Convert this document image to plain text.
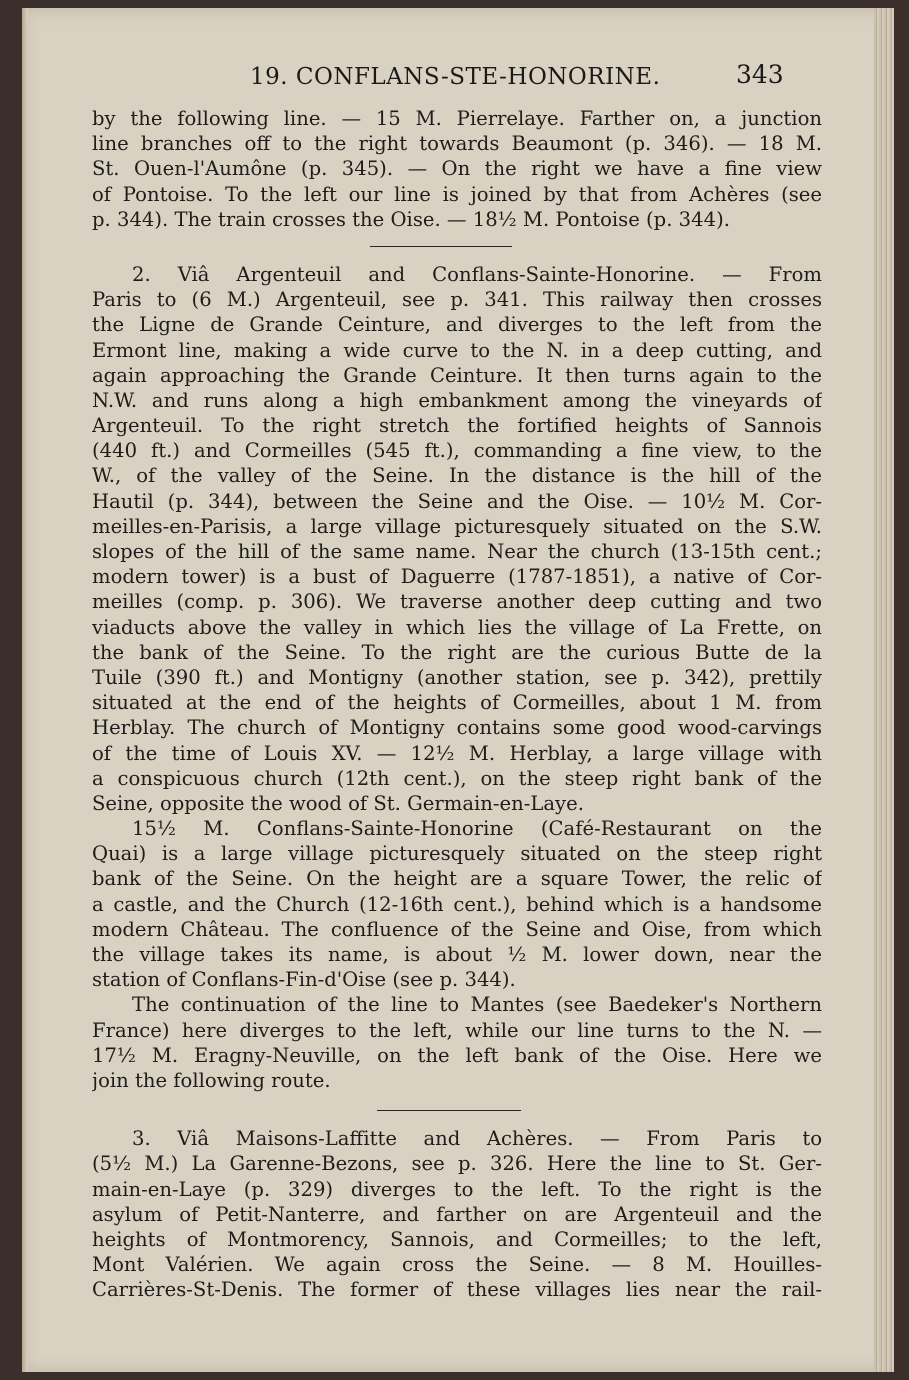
19. CONFLANS-STE-HONORINE.	343
by the following line. — 15 M. Pierrelaye. Farther on, a junction
line branches off to the right towards Beaumont (p. 346). — 18 M.
St. Ouen-l'Aumône (p. 345). — On the right we have a fine view
of Pontoise. To the left our line is joined by that from Achères (see
p. 344). The train crosses the Oise. — 18½ M. Pontoise (p. 344).
2. Viâ Argenteuil and Conflans-Sainte-Honorine. — From
Paris to (6 M.) Argenteuil, see p. 341. This railway then crosses
the Ligne de Grande Ceinture, and diverges to the left from the
Ermont line, making a wide curve to the N. in a deep cutting, and
again approaching the Grande Ceinture. It then turns again to the
N.W. and runs along a high embankment among the vineyards of
Argenteuil. To the right stretch the fortified heights of Sannois
(440 ft.) and Cormeilles (545 ft.), commanding a fine view, to the
W., of the valley of the Seine. In the distance is the hill of the
Hautil (p. 344), between the Seine and the Oise. — 10½ M. Cor-
meilles-en-Parisis, a large village picturesquely situated on the S.W.
slopes of the hill of the same name. Near the church (13-15th cent.;
modern tower) is a bust of Daguerre (1787-1851), a native of Cor-
meilles (comp. p. 306). We traverse another deep cutting and two
viaducts above the valley in which lies the village of La Frette, on
the bank of the Seine. To the right are the curious Butte de la
Tuile (390 ft.) and Montigny (another station, see p. 342), prettily
situated at the end of the heights of Cormeilles, about 1 M. from
Herblay. The church of Montigny contains some good wood-carvings
of the time of Louis XV. — 12½ M. Herblay, a large village with
a conspicuous church (12th cent.), on the steep right bank of the
Seine, opposite the wood of St. Germain-en-Laye.
15½ M. Conflans-Sainte-Honorine (Café-Restaurant on the
Quai) is a large village picturesquely situated on the steep right
bank of the Seine. On the height are a square Tower, the relic of
a castle, and the Church (12-16th cent.), behind which is a handsome
modern Château. The confluence of the Seine and Oise, from which
the village takes its name, is about ½ M. lower down, near the
station of Conflans-Fin-d'Oise (see p. 344).
The continuation of the line to Mantes (see Baedeker's Northern
France) here diverges to the left, while our line turns to the N. —
17½ M. Eragny-Neuville, on the left bank of the Oise. Here we
join the following route.
3. Viâ Maisons-Laffitte and Achères. — From Paris to
(5½ M.) La Garenne-Bezons, see p. 326. Here the line to St. Ger-
main-en-Laye (p. 329) diverges to the left. To the right is the
asylum of Petit-Nanterre, and farther on are Argenteuil and the
heights of Montmorency, Sannois, and Cormeilles; to the left,
Mont Valérien. We again cross the Seine. — 8 M. Houilles-
Carrières-St-Denis. The former of these villages lies near the rail-
